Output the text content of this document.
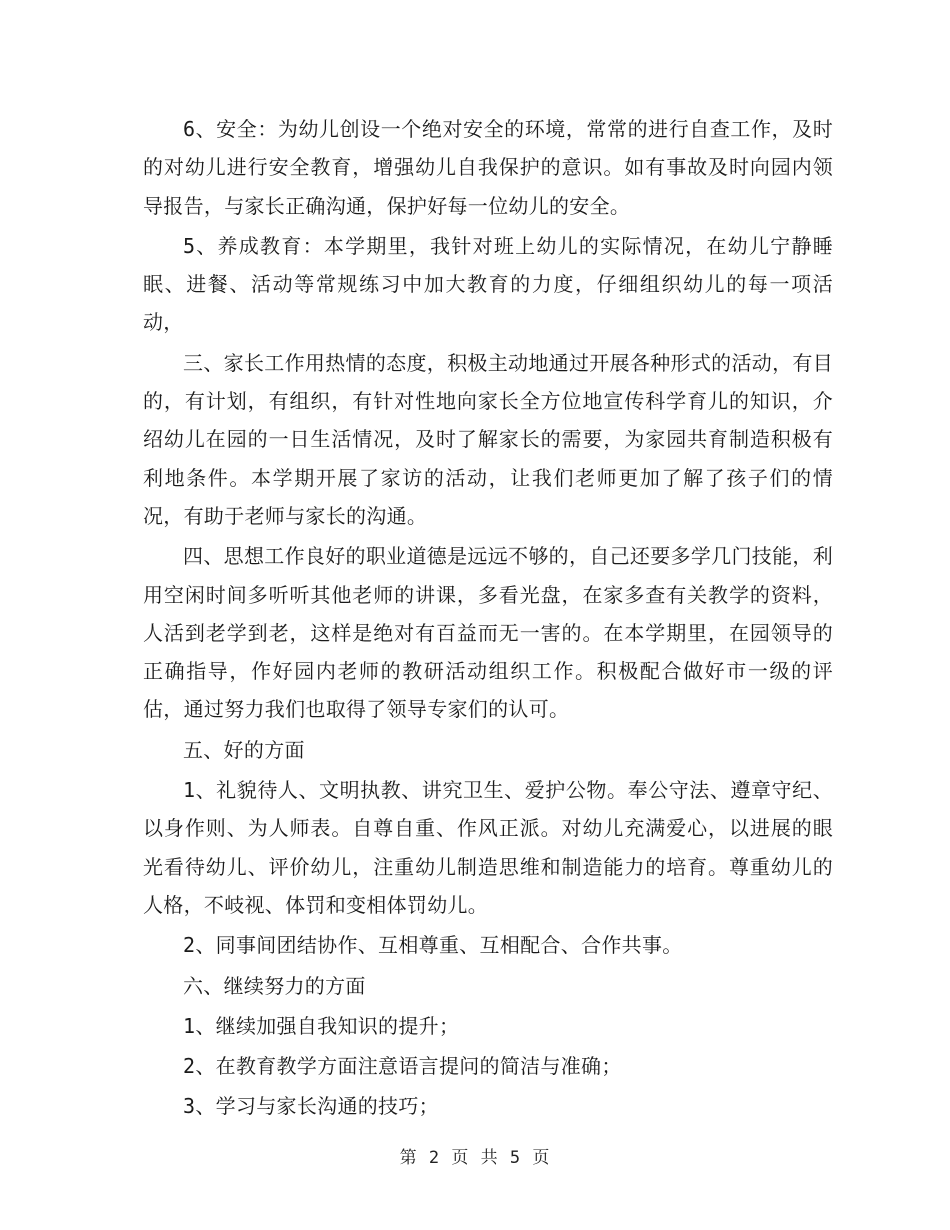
6、安全：为幼儿创设一个绝对安全的环境，常常的进行自查工作，及时的对幼儿进行安全教育，增强幼儿自我保护的意识。如有事故及时向园内领导报告，与家长正确沟通，保护好每一位幼儿的安全。

5、养成教育：本学期里，我针对班上幼儿的实际情况，在幼儿宁静睡眠、进餐、活动等常规练习中加大教育的力度，仔细组织幼儿的每一项活动，

三、家长工作用热情的态度，积极主动地通过开展各种形式的活动，有目的，有计划，有组织，有针对性地向家长全方位地宣传科学育儿的知识，介绍幼儿在园的一日生活情况，及时了解家长的需要，为家园共育制造积极有利地条件。本学期开展了家访的活动，让我们老师更加了解了孩子们的情况，有助于老师与家长的沟通。

四、思想工作良好的职业道德是远远不够的，自己还要多学几门技能，利用空闲时间多听听其他老师的讲课，多看光盘，在家多查有关教学的资料，人活到老学到老，这样是绝对有百益而无一害的。在本学期里，在园领导的正确指导，作好园内老师的教研活动组织工作。积极配合做好市一级的评估，通过努力我们也取得了领导专家们的认可。

五、好的方面

1、礼貌待人、文明执教、讲究卫生、爱护公物。奉公守法、遵章守纪、以身作则、为人师表。自尊自重、作风正派。对幼儿充满爱心，以进展的眼光看待幼儿、评价幼儿，注重幼儿制造思维和制造能力的培育。尊重幼儿的人格，不岐视、体罚和变相体罚幼儿。

2、同事间团结协作、互相尊重、互相配合、合作共事。

六、继续努力的方面

1、继续加强自我知识的提升；

2、在教育教学方面注意语言提问的简洁与准确；

3、学习与家长沟通的技巧；

第 2 页 共 5 页
